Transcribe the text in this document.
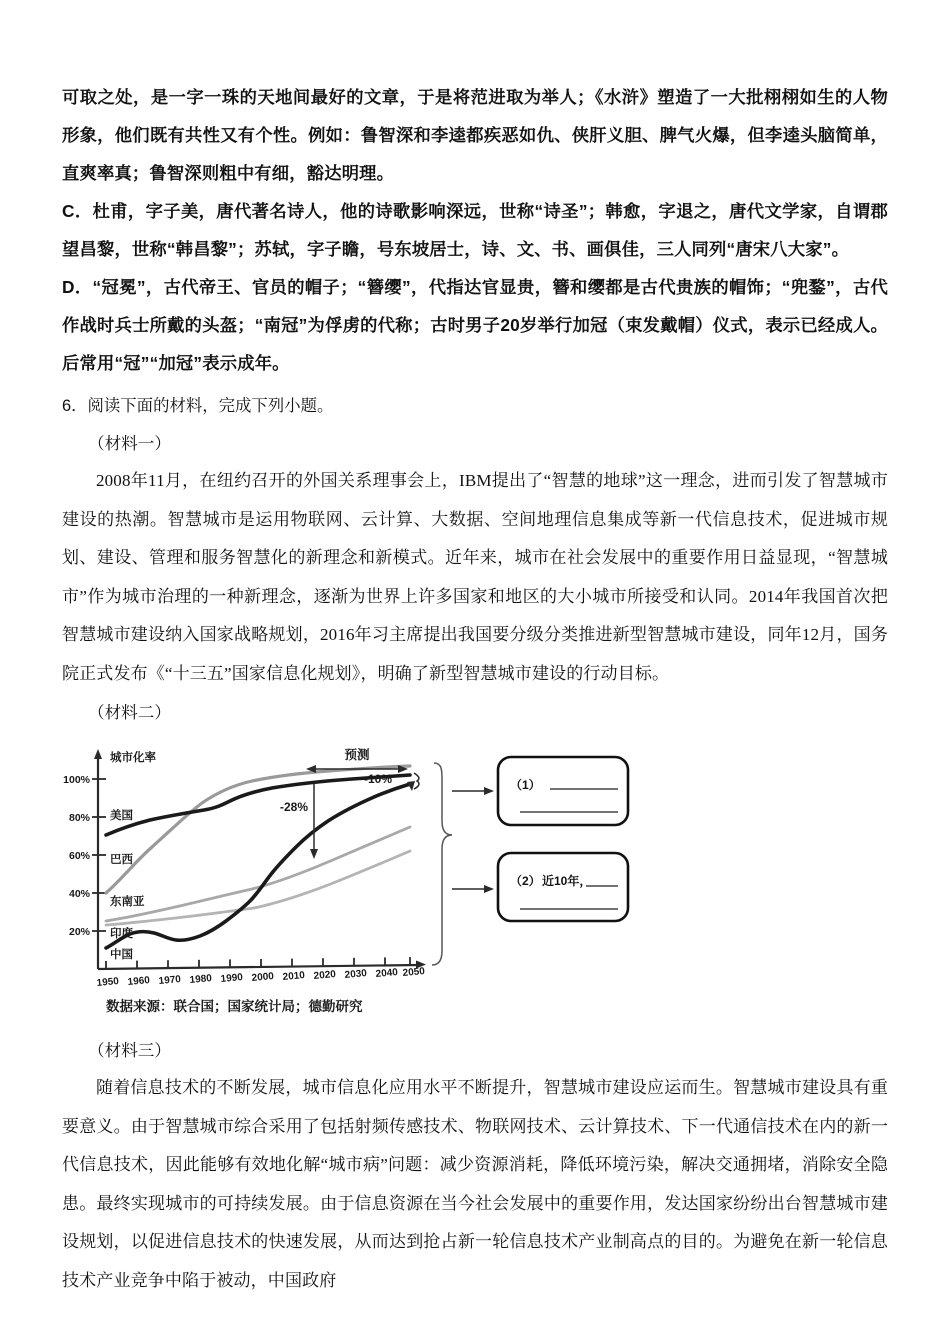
可取之处，是一字一珠的天地间最好的文章，于是将范进取为举人；《水浒》塑造了一大批栩栩如生的人物形象，他们既有共性又有个性。例如：鲁智深和李逵都疾恶如仇、侠肝义胆、脾气火爆，但李逵头脑简单，直爽率真；鲁智深则粗中有细，豁达明理。

C．杜甫，字子美，唐代著名诗人，他的诗歌影响深远，世称“诗圣”；韩愈，字退之，唐代文学家，自谓郡望昌黎，世称“韩昌黎”；苏轼，字子瞻，号东坡居士，诗、文、书、画俱佳，三人同列“唐宋八大家”。

D．“冠冕”，古代帝王、官员的帽子；“簪缨”，代指达官显贵，簪和缨都是古代贵族的帽饰；“兜鍪”，古代作战时兵士所戴的头盔；“南冠”为俘虏的代称；古时男子20岁举行加冠（束发戴帽）仪式，表示已经成人。后常用“冠”“加冠”表示成年。

6．阅读下面的材料，完成下列小题。

（材料一）

2008年11月，在纽约召开的外国关系理事会上，IBM提出了“智慧的地球”这一理念，进而引发了智慧城市建设的热潮。智慧城市是运用物联网、云计算、大数据、空间地理信息集成等新一代信息技术，促进城市规划、建设、管理和服务智慧化的新理念和新模式。近年来，城市在社会发展中的重要作用日益显现，“智慧城市”作为城市治理的一种新理念，逐渐为世界上许多国家和地区的大小城市所接受和认同。2014年我国首次把智慧城市建设纳入国家战略规划，2016年习主席提出我国要分级分类推进新型智慧城市建设，同年12月，国务院正式发布《“十三五”国家信息化规划》，明确了新型智慧城市建设的行动目标。

（材料二）

100%
80%
60%
40%
20%
城市化率
1950 1960 1970 1980 1990 2000 2010 2020 2030 2040 2050
美国
巴西
东南亚
印度
中国
预测
-28%
-10%	（1）
（2） 近10年，
数据来源：联合国；国家统计局；德勤研究

（材料三）

随着信息技术的不断发展，城市信息化应用水平不断提升，智慧城市建设应运而生。智慧城市建设具有重要意义。由于智慧城市综合采用了包括射频传感技术、物联网技术、云计算技术、下一代通信技术在内的新一代信息技术，因此能够有效地化解“城市病”问题：减少资源消耗，降低环境污染，解决交通拥堵，消除安全隐患。最终实现城市的可持续发展。由于信息资源在当今社会发展中的重要作用，发达国家纷纷出台智慧城市建设规划，以促进信息技术的快速发展，从而达到抢占新一轮信息技术产业制高点的目的。为避免在新一轮信息技术产业竞争中陷于被动，中国政府
